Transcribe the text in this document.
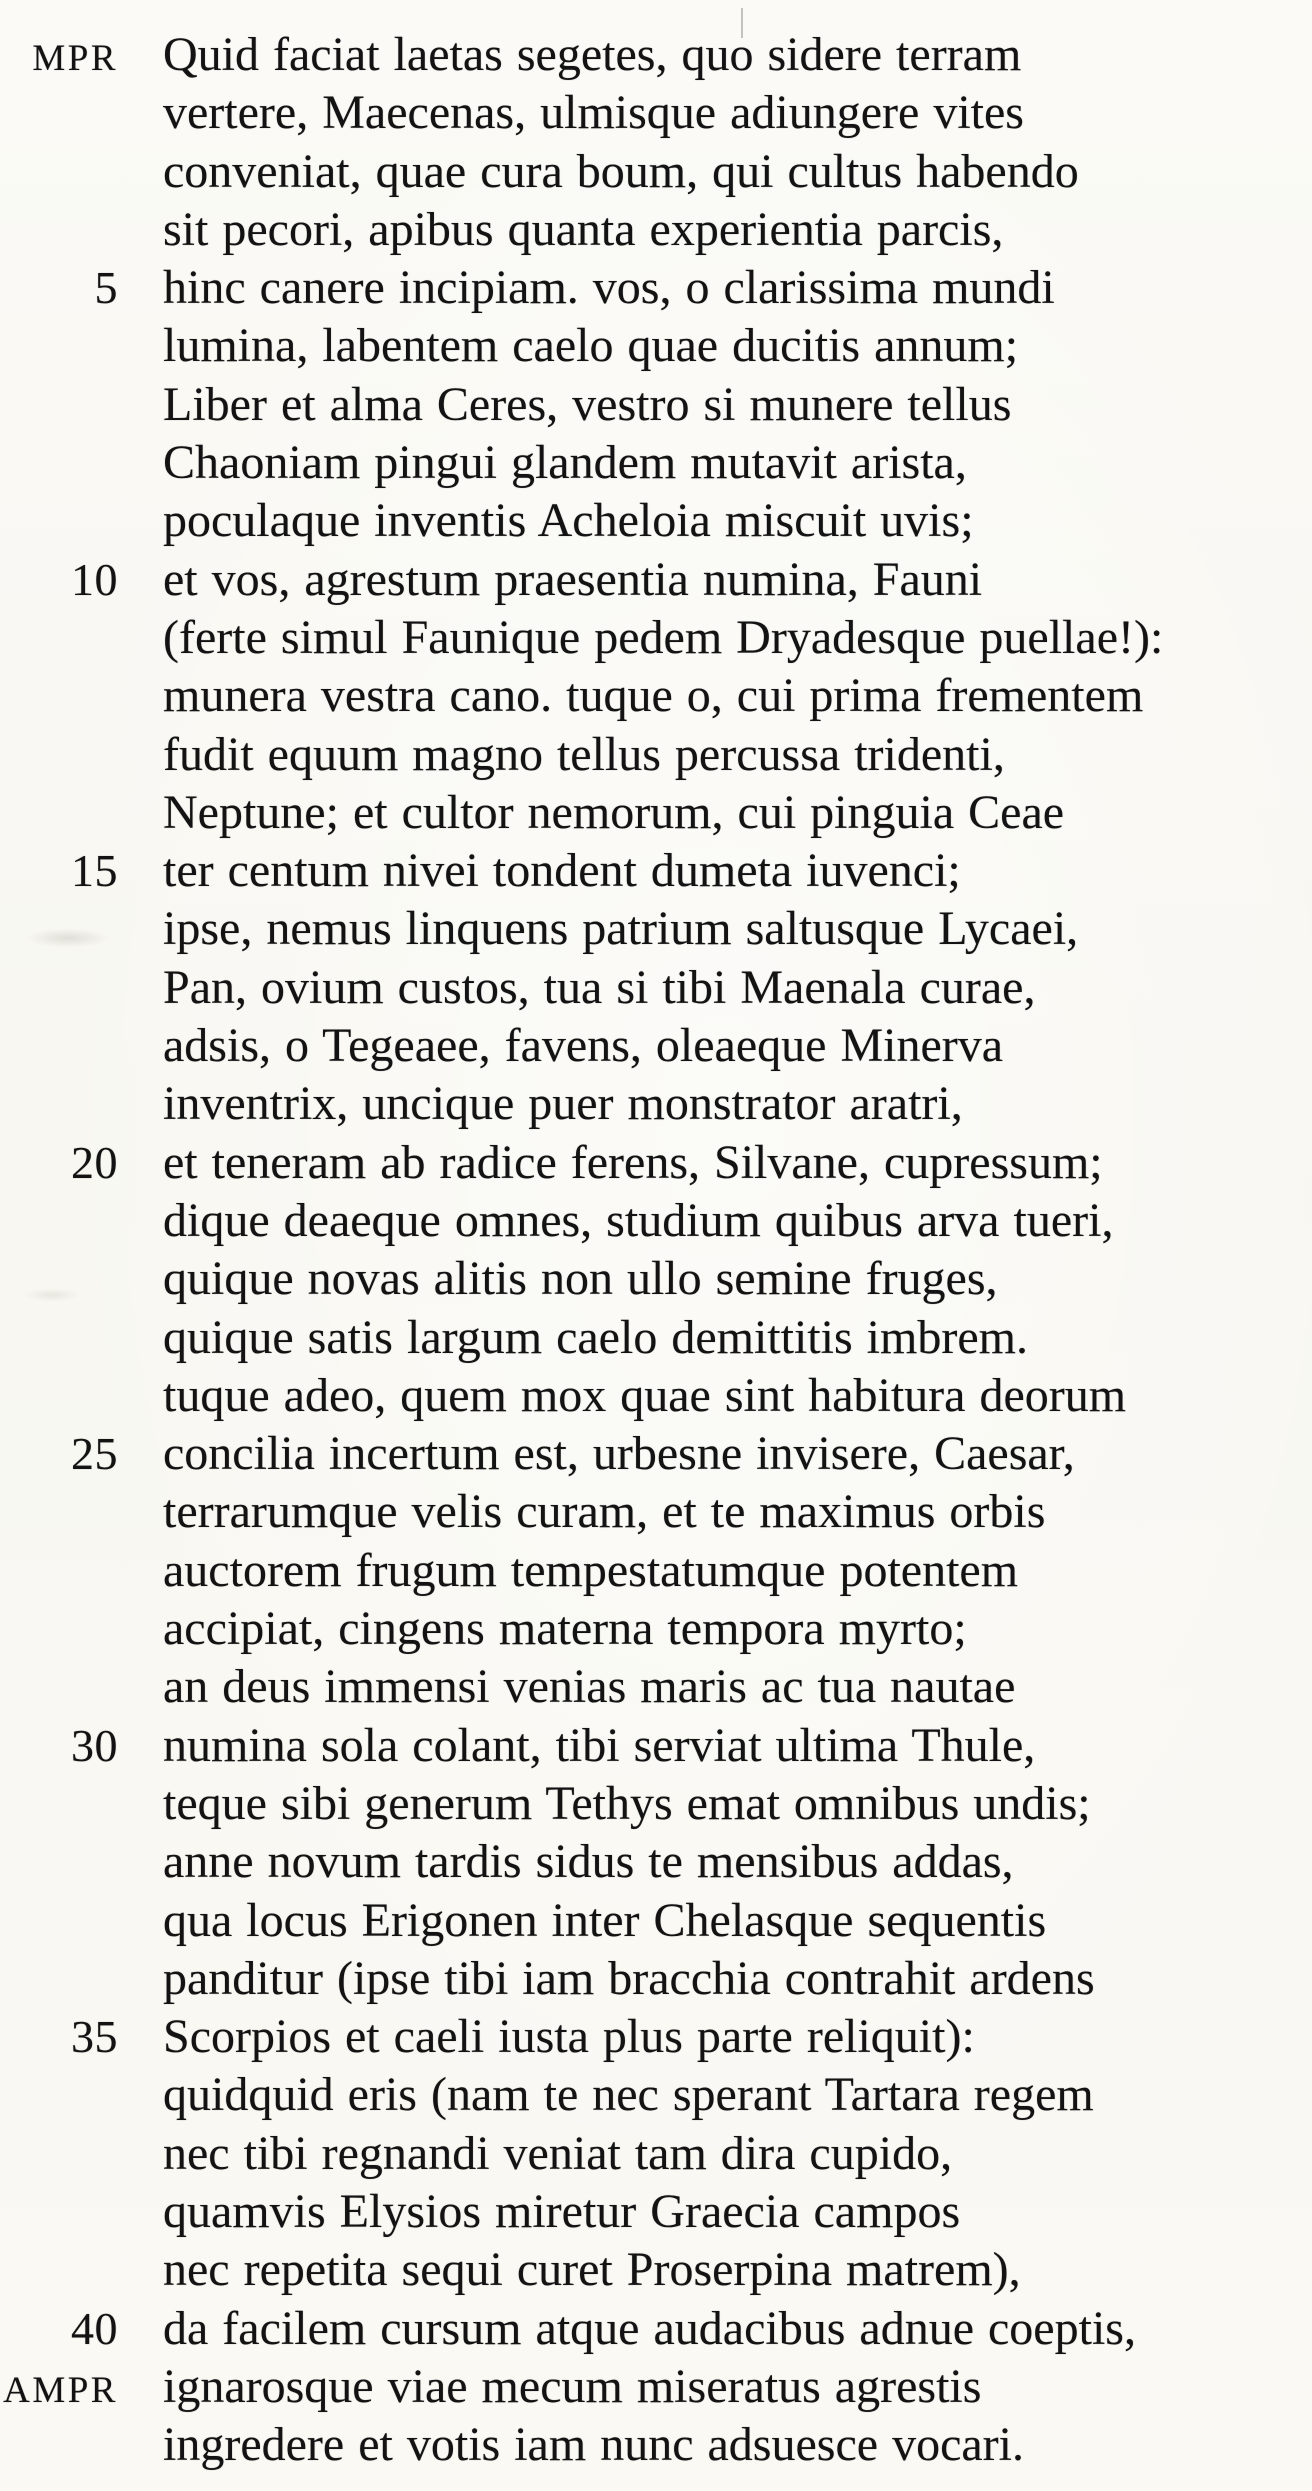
MPR Quid faciat laetas segetes, quo sidere terram
vertere, Maecenas, ulmisque adiungere vites
conveniat, quae cura boum, qui cultus habendo
sit pecori, apibus quanta experientia parcis,
5 hinc canere incipiam. vos, o clarissima mundi
lumina, labentem caelo quae ducitis annum;
Liber et alma Ceres, vestro si munere tellus
Chaoniam pingui glandem mutavit arista,
poculaque inventis Acheloia miscuit uvis;
10 et vos, agrestum praesentia numina, Fauni
(ferte simul Faunique pedem Dryadesque puellae!):
munera vestra cano. tuque o, cui prima frementem
fudit equum magno tellus percussa tridenti,
Neptune; et cultor nemorum, cui pinguia Ceae
15 ter centum nivei tondent dumeta iuvenci;
ipse, nemus linquens patrium saltusque Lycaei,
Pan, ovium custos, tua si tibi Maenala curae,
adsis, o Tegeaee, favens, oleaeque Minerva
inventrix, uncique puer monstrator aratri,
20 et teneram ab radice ferens, Silvane, cupressum;
dique deaeque omnes, studium quibus arva tueri,
quique novas alitis non ullo semine fruges,
quique satis largum caelo demittitis imbrem.
tuque adeo, quem mox quae sint habitura deorum
25 concilia incertum est, urbesne invisere, Caesar,
terrarumque velis curam, et te maximus orbis
auctorem frugum tempestatumque potentem
accipiat, cingens materna tempora myrto;
an deus immensi venias maris ac tua nautae
30 numina sola colant, tibi serviat ultima Thule,
teque sibi generum Tethys emat omnibus undis;
anne novum tardis sidus te mensibus addas,
qua locus Erigonen inter Chelasque sequentis
panditur (ipse tibi iam bracchia contrahit ardens
35 Scorpios et caeli iusta plus parte reliquit):
quidquid eris (nam te nec sperant Tartara regem
nec tibi regnandi veniat tam dira cupido,
quamvis Elysios miretur Graecia campos
nec repetita sequi curet Proserpina matrem),
40 da facilem cursum atque audacibus adnue coeptis,
AMPR ignarosque viae mecum miseratus agrestis
ingredere et votis iam nunc adsuesce vocari.
